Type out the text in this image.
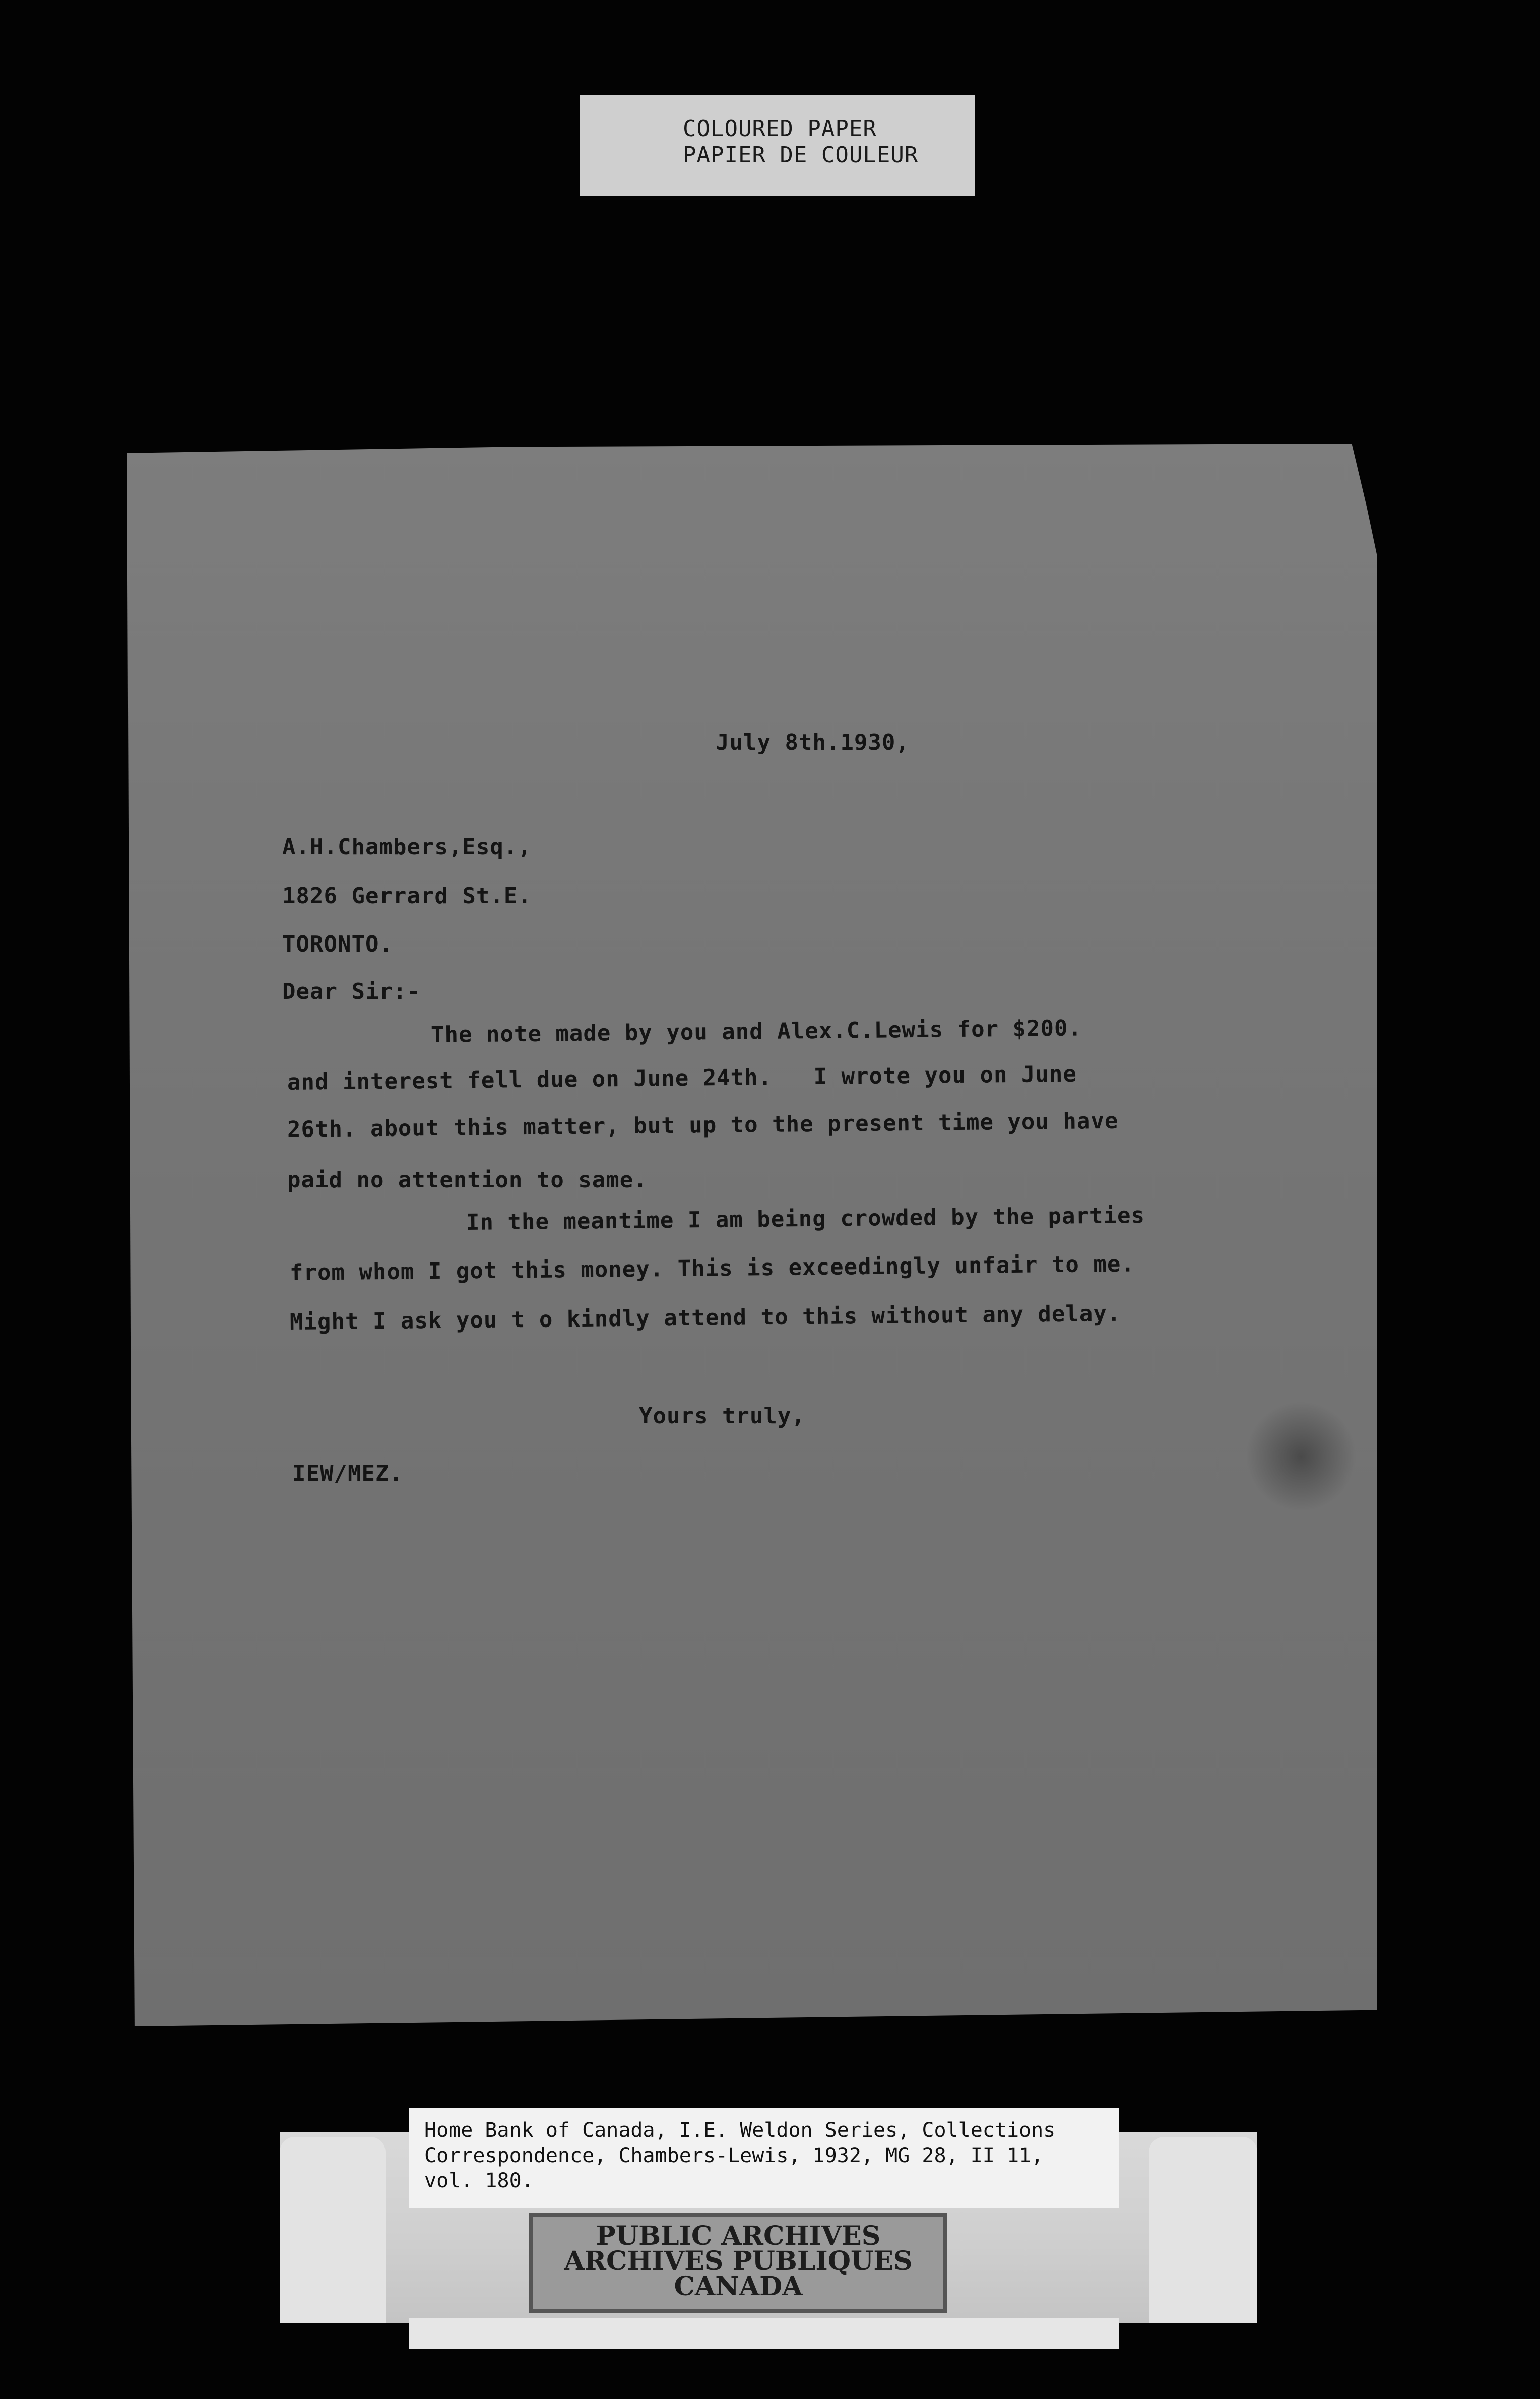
COLOURED PAPER
PAPIER DE COULEUR
July 8th.1930,
A.H.Chambers,Esq.,
1826 Gerrard St.E.
TORONTO.
Dear Sir:-
The note made by you and Alex.C.Lewis for $200.
and interest fell due on June 24th.   I wrote you on June
26th. about this matter, but up to the present time you have
paid no attention to same.
In the meantime I am being crowded by the parties
from whom I got this money. This is exceedingly unfair to me.
Might I ask you t o kindly attend to this without any delay.
Yours truly,
IEW/MEZ.
Home Bank of Canada, I.E. Weldon Series, Collections
Correspondence, Chambers-Lewis, 1932, MG 28, II 11,
vol. 180.
PUBLIC ARCHIVES
ARCHIVES PUBLIQUES
CANADA
